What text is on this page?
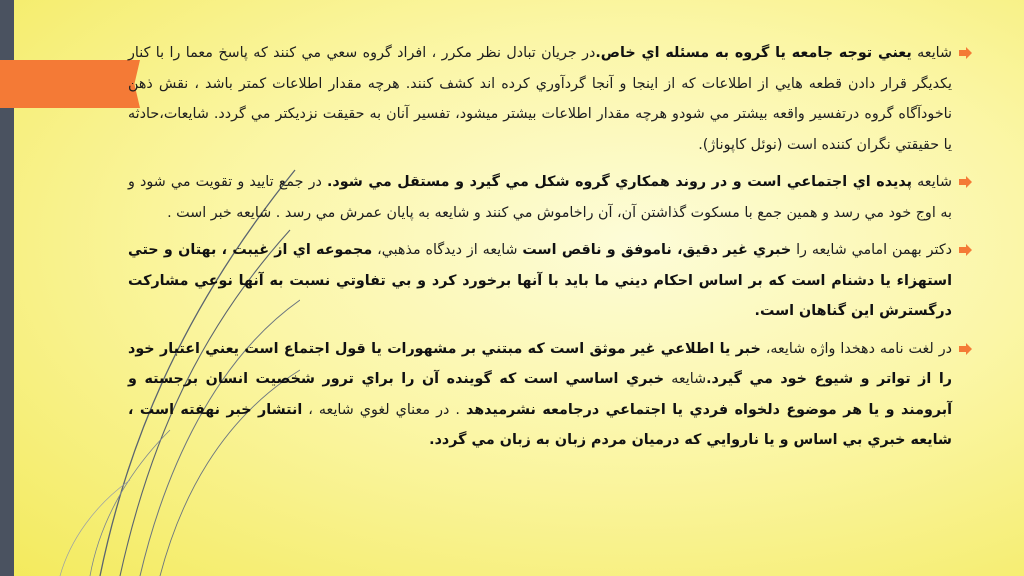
شايعه يعني توجه جامعه يا گروه به مسئله اي خاص.در جريان تبادل نظر مكرر ، افراد گروه سعي مي كنند كه پاسخ معما را با كنار يكديگر قرار دادن قطعه هايي از اطلاعات كه از اينجا و آنجا گردآوري كرده اند كشف كنند. هرچه مقدار اطلاعات كمتر باشد ، نقش ذهن ناخودآگاه گروه درتفسير واقعه بيشتر مي شودو هرچه مقدار اطلاعات بيشتر ميشود، تفسير آنان به حقيقت نزديكتر مي گردد. شايعات،حادثه يا حقيقتي نگران كننده است (نوئل كاپوناژ).

شايعه پديده اي اجتماعي است و در روند همكاري گروه شكل مي گيرد و مستقل مي شود. در جمع تاييد و تقويت مي شود و به اوج خود مي رسد و همين جمع با مسكوت گذاشتن آن، آن راخاموش مي كنند و شايعه به پايان عمرش مي رسد . شايعه خبر است .

دكتر بهمن امامي شايعه را خبري غير دقيق، ناموفق و ناقص است شايعه از ديدگاه مذهبي، مجموعه اي از غيبت ، بهتان و حتي استهزاء يا دشنام است كه بر اساس احكام ديني ما بايد با آنها برخورد كرد و بي تفاوتي نسبت به آنها نوعي مشاركت درگسترش اين گناهان است.

در لغت نامه دهخدا واژه شايعه، خبر يا اطلاعي غير موثق است كه مبتني بر مشهورات يا قول اجتماع است يعني اعتبار خود را از تواتر و شيوع خود مي گيرد.شايعه خبري اساسي است كه گوينده آن را براي ترور شخصيت انسان برجسته و آبرومند و يا هر موضوع دلخواه فردي يا اجتماعي درجامعه نشرميدهد . در معناي لغوي شايعه ، انتشار خبر نهفته است ، شايعه خبري بي اساس و يا ناروايي كه درميان مردم زبان به زبان مي گردد.
